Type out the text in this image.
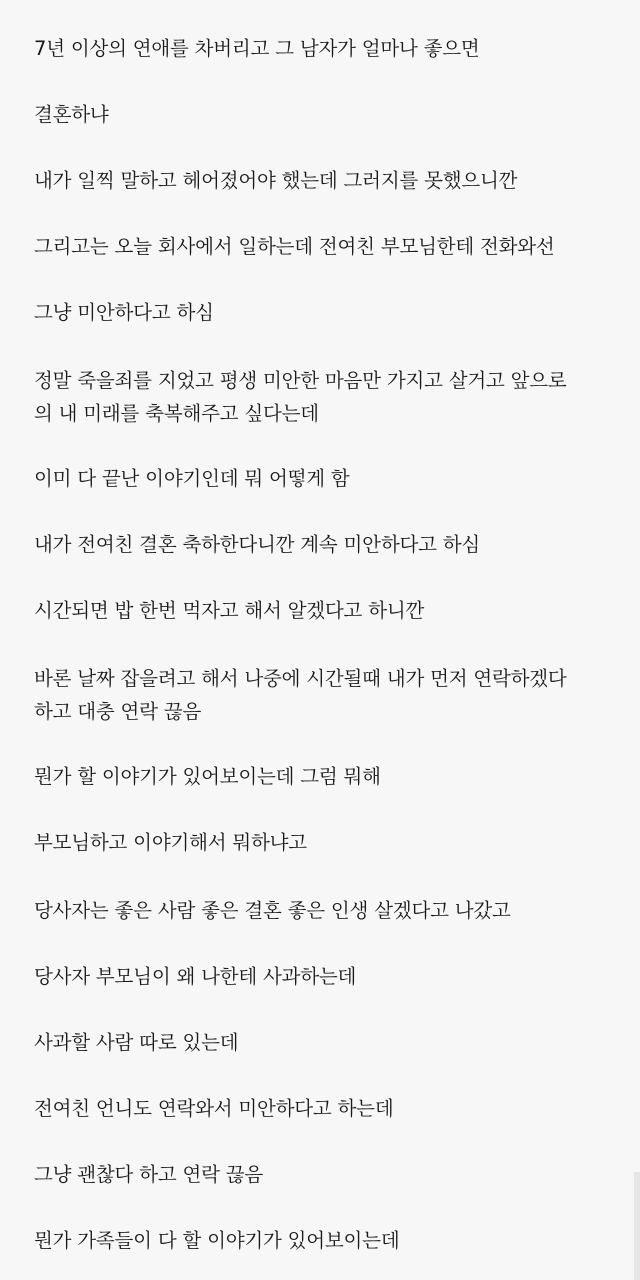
7년 이상의 연애를 차버리고 그 남자가 얼마나 좋으면

결혼하냐

내가 일찍 말하고 헤어졌어야 했는데 그러지를 못했으니깐

그리고는 오늘 회사에서 일하는데 전여친 부모님한테 전화와선

그냥 미안하다고 하심

정말 죽을죄를 지었고 평생 미안한 마음만 가지고 살거고 앞으로
의 내 미래를 축복해주고 싶다는데

이미 다 끝난 이야기인데 뭐 어떻게 함

내가 전여친 결혼 축하한다니깐 계속 미안하다고 하심

시간되면 밥 한번 먹자고 해서 알겠다고 하니깐

바론 날짜 잡을려고 해서 나중에 시간될때 내가 먼저 연락하겠다
하고 대충 연락 끊음

뭔가 할 이야기가 있어보이는데 그럼 뭐해

부모님하고 이야기해서 뭐하냐고

당사자는 좋은 사람 좋은 결혼 좋은 인생 살겠다고 나갔고

당사자 부모님이 왜 나한테 사과하는데

사과할 사람 따로 있는데

전여친 언니도 연락와서 미안하다고 하는데

그냥 괜찮다 하고 연락 끊음

뭔가 가족들이 다 할 이야기가 있어보이는데
